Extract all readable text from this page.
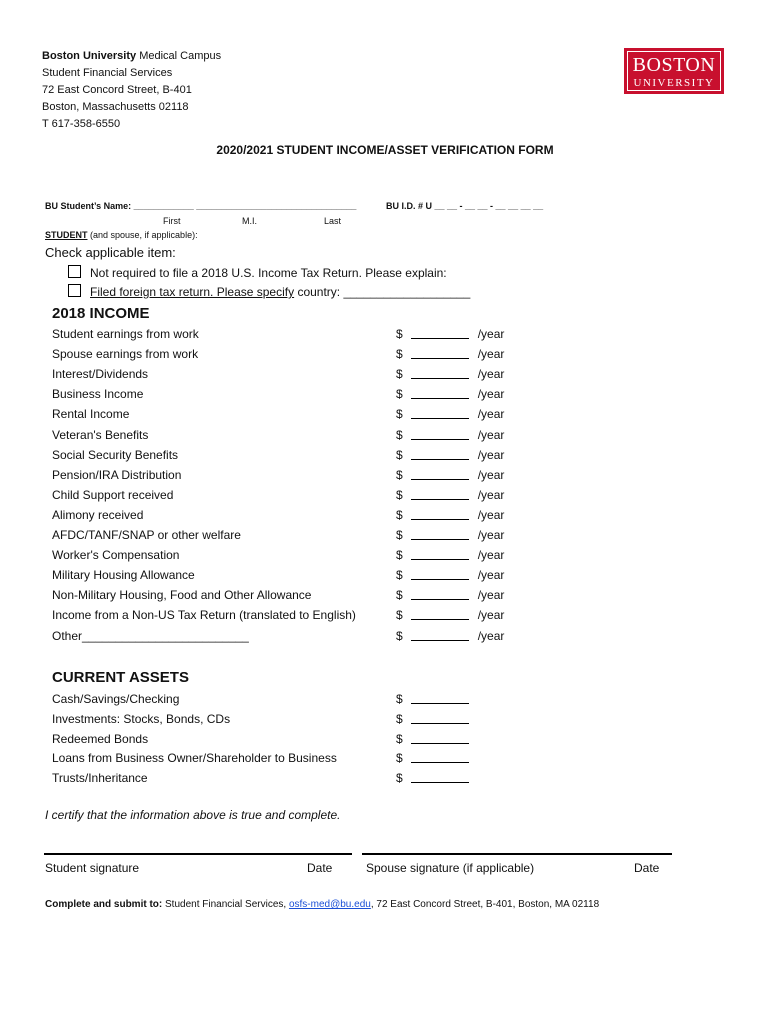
Boston University Medical Campus
Student Financial Services
72 East Concord Street, B-401
Boston, Massachusetts 02118
T 617-358-6550
BOSTON
UNIVERSITY
2020/2021 STUDENT INCOME/ASSET VERIFICATION FORM
BU Student’s Name: ____________ ________________________________	BU I.D. # U __ __ - __ __ - __ __ __ __
First	M.I.	Last
STUDENT (and spouse, if applicable):
Check applicable item:
Not required to file a 2018 U.S. Income Tax Return. Please explain:
Filed foreign tax return. Please specify country: ___________________
2018 INCOME
Student earnings from work	$	/year
Spouse earnings from work	$	/year
Interest/Dividends	$	/year
Business Income	$	/year
Rental Income	$	/year
Veteran's Benefits	$	/year
Social Security Benefits	$	/year
Pension/IRA Distribution	$	/year
Child Support received	$	/year
Alimony received	$	/year
AFDC/TANF/SNAP or other welfare	$	/year
Worker's Compensation	$	/year
Military Housing Allowance	$	/year
Non-Military Housing, Food and Other Allowance	$	/year
Income from a Non-US Tax Return (translated to English)	$	/year
Other_________________________	$	/year
CURRENT ASSETS
Cash/Savings/Checking	$
Investments: Stocks, Bonds, CDs	$
Redeemed Bonds	$
Loans from Business Owner/Shareholder to Business	$
Trusts/Inheritance	$
I certify that the information above is true and complete.
Student signature	Date	Spouse signature (if applicable)	Date
Complete and submit to: Student Financial Services, osfs-med@bu.edu, 72 East Concord Street, B-401, Boston, MA 02118
